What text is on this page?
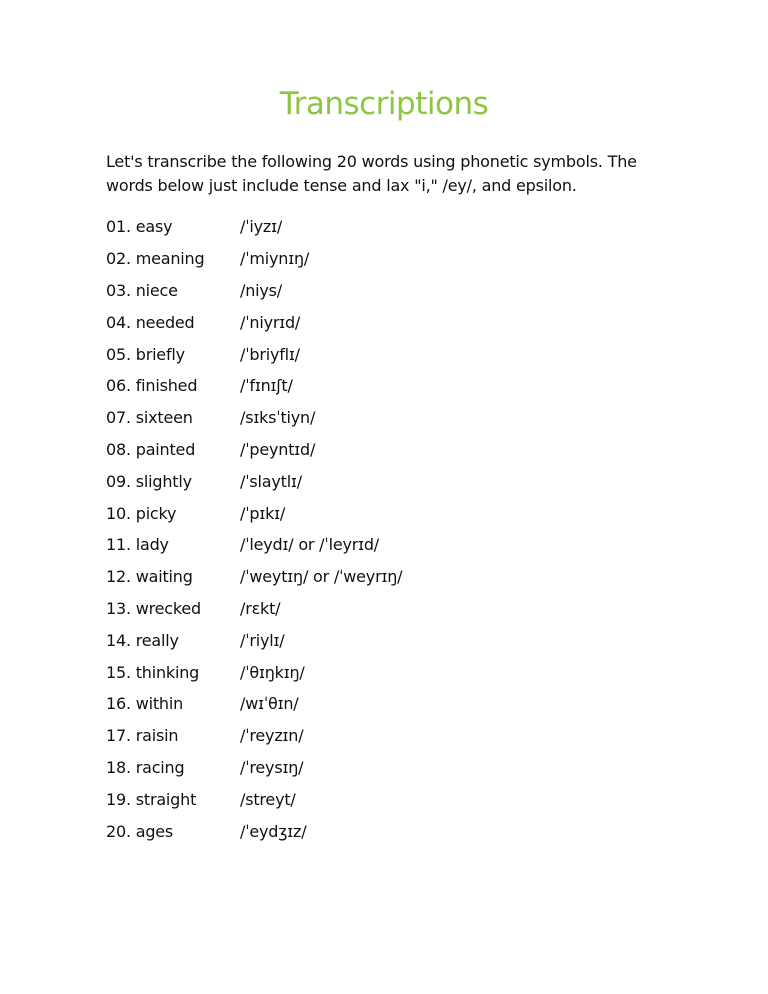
Transcriptions
Let's transcribe the following 20 words using phonetic symbols. The words below just include tense and lax "i," /ey/, and epsilon.
01. easy	/ˈiyzɪ/
02. meaning	/ˈmiynɪŋ/
03. niece	/niys/
04. needed	/ˈniyrɪd/
05. briefly	/ˈbriyflɪ/
06. finished	/ˈfɪnɪʃt/
07. sixteen	/sɪksˈtiyn/
08. painted	/ˈpeyntɪd/
09. slightly	/ˈslaytlɪ/
10. picky	/ˈpɪkɪ/
11. lady	/ˈleydɪ/ or /ˈleyrɪd/
12. waiting	/ˈweytɪŋ/ or /ˈweyrɪŋ/
13. wrecked	/rɛkt/
14. really	/ˈriylɪ/
15. thinking	/ˈθɪŋkɪŋ/
16. within	/wɪˈθɪn/
17. raisin	/ˈreyzɪn/
18. racing	/ˈreysɪŋ/
19. straight	/streyt/
20. ages	/ˈeydʒɪz/
